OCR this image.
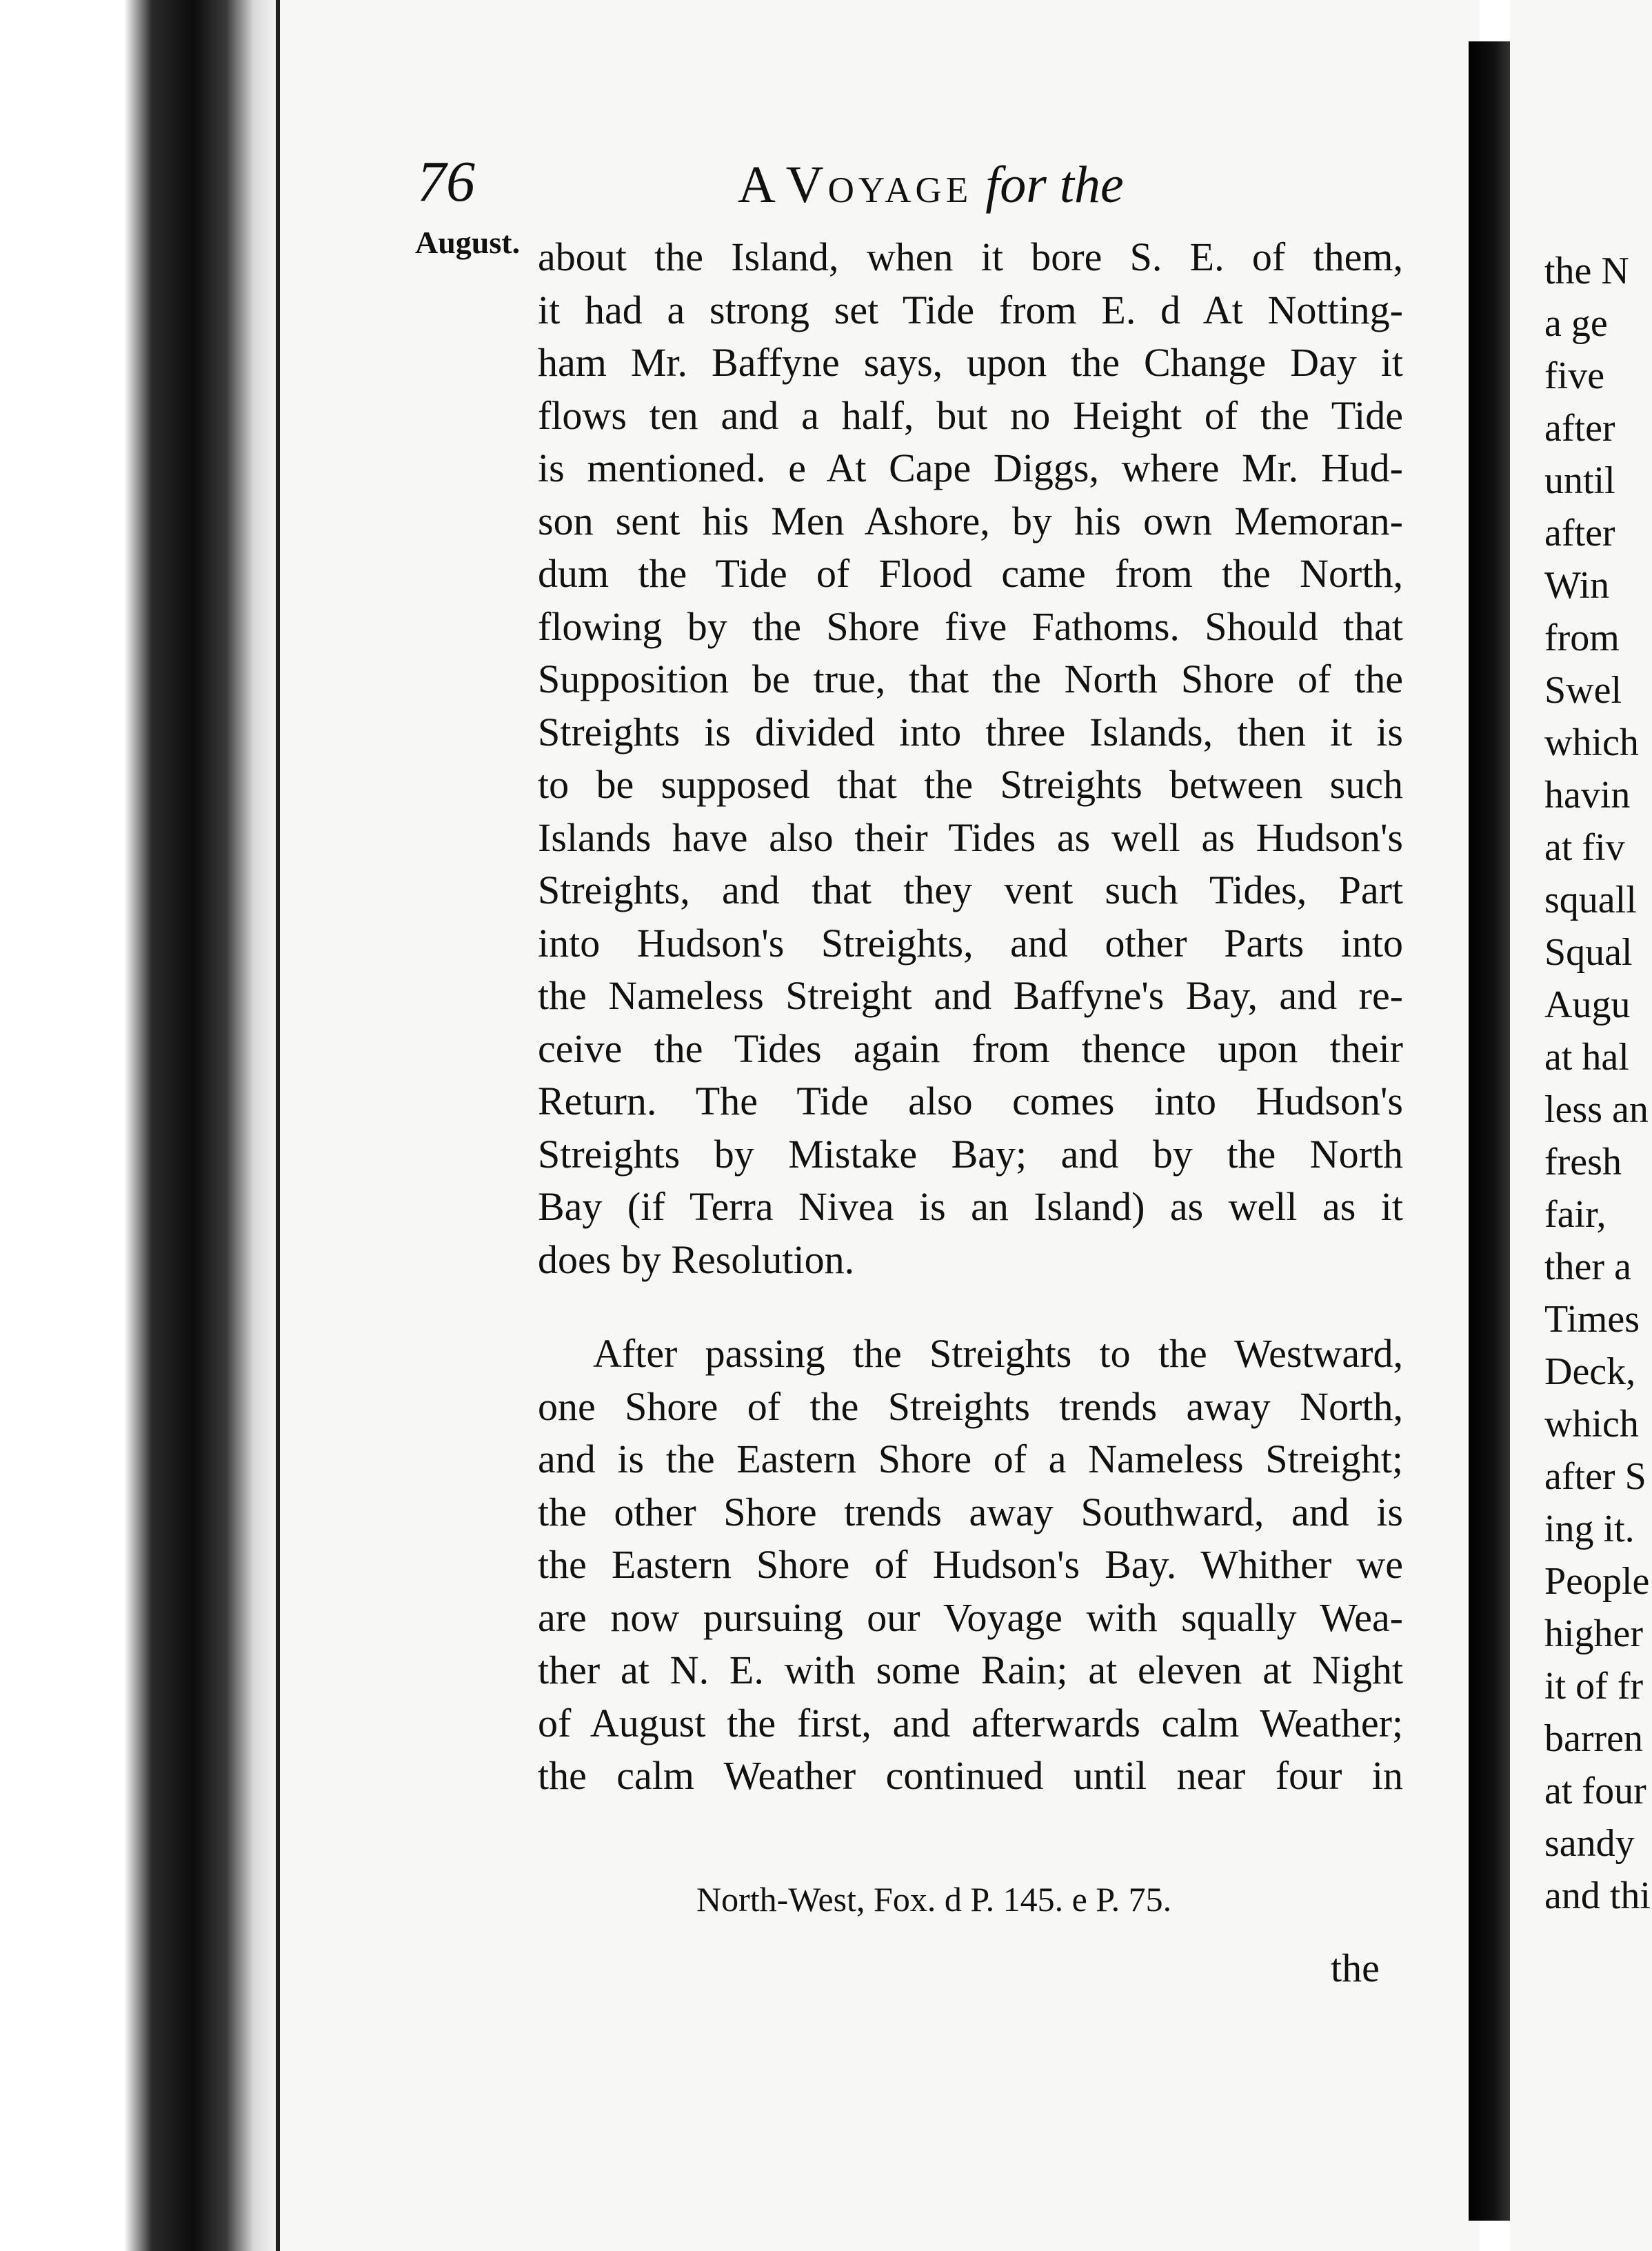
76	A Voyage for the
August. about the Island, when it bore S. E. of them,
it had a strong set Tide from E. d At Notting-
ham Mr. Baffyne says, upon the Change Day it
flows ten and a half, but no Height of the Tide
is mentioned. e At Cape Diggs, where Mr. Hud-
son sent his Men Ashore, by his own Memoran-
dum the Tide of Flood came from the North,
flowing by the Shore five Fathoms. Should that
Supposition be true, that the North Shore of the
Streights is divided into three Islands, then it is
to be supposed that the Streights between such
Islands have also their Tides as well as Hudson's
Streights, and that they vent such Tides, Part
into Hudson's Streights, and other Parts into
the Nameless Streight and Baffyne's Bay, and re-
ceive the Tides again from thence upon their
Return. The Tide also comes into Hudson's
Streights by Mistake Bay; and by the North
Bay (if Terra Nivea is an Island) as well as it
does by Resolution.
After passing the Streights to the Westward,
one Shore of the Streights trends away North,
and is the Eastern Shore of a Nameless Streight;
the other Shore trends away Southward, and is
the Eastern Shore of Hudson's Bay. Whither we
are now pursuing our Voyage with squally Wea-
ther at N. E. with some Rain; at eleven at Night
of August the first, and afterwards calm Weather;
the calm Weather continued until near four in
North-West, Fox. d P. 145. e P. 75.
the
the N
a ge
five
after
until
after
Win
from
Swel
which
havin
at fiv
squall
Squal
Augu
at hal
less an
fresh
fair,
ther a
Times
Deck,
which
after S
ing it.
People
higher
it of fr
barren
at four
sandy
and thi
